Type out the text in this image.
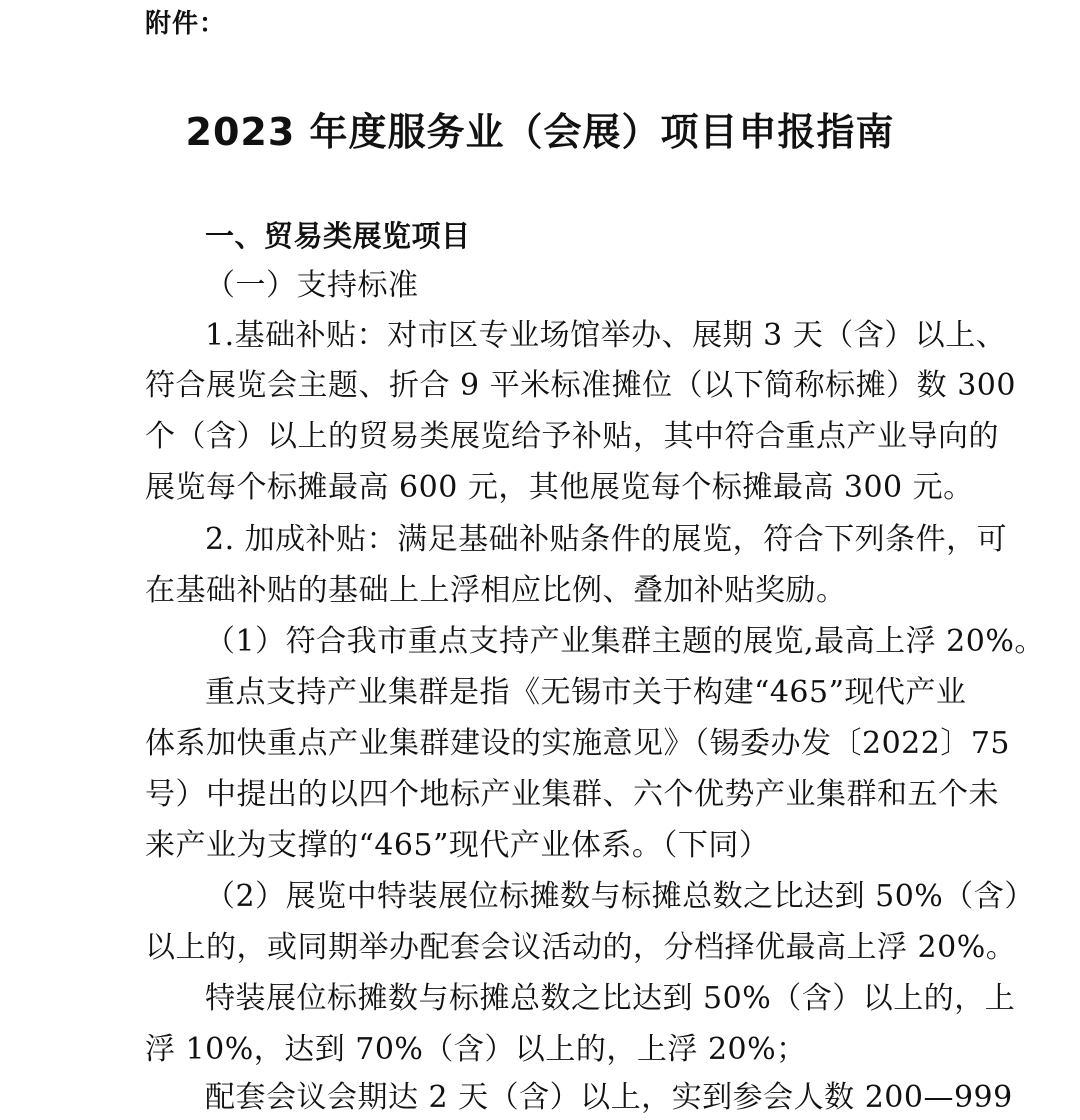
附件：
2023 年度服务业（会展）项目申报指南
一、贸易类展览项目
（一）支持标准
1.基础补贴：对市区专业场馆举办、展期 3 天（含）以上、
符合展览会主题、折合 9 平米标准摊位（以下简称标摊）数 300
个（含）以上的贸易类展览给予补贴，其中符合重点产业导向的
展览每个标摊最高 600 元，其他展览每个标摊最高 300 元。
2. 加成补贴：满足基础补贴条件的展览，符合下列条件，可
在基础补贴的基础上上浮相应比例、叠加补贴奖励。
（1）符合我市重点支持产业集群主题的展览,最高上浮 20%。
重点支持产业集群是指《无锡市关于构建“465”现代产业
体系加快重点产业集群建设的实施意见》（锡委办发〔2022〕75
号）中提出的以四个地标产业集群、六个优势产业集群和五个未
来产业为支撑的“465”现代产业体系。（下同）
（2）展览中特装展位标摊数与标摊总数之比达到 50%（含）
以上的，或同期举办配套会议活动的，分档择优最高上浮 20%。
特装展位标摊数与标摊总数之比达到 50%（含）以上的，上
浮 10%，达到 70%（含）以上的，上浮 20%；
配套会议会期达 2 天（含）以上，实到参会人数 200—999
